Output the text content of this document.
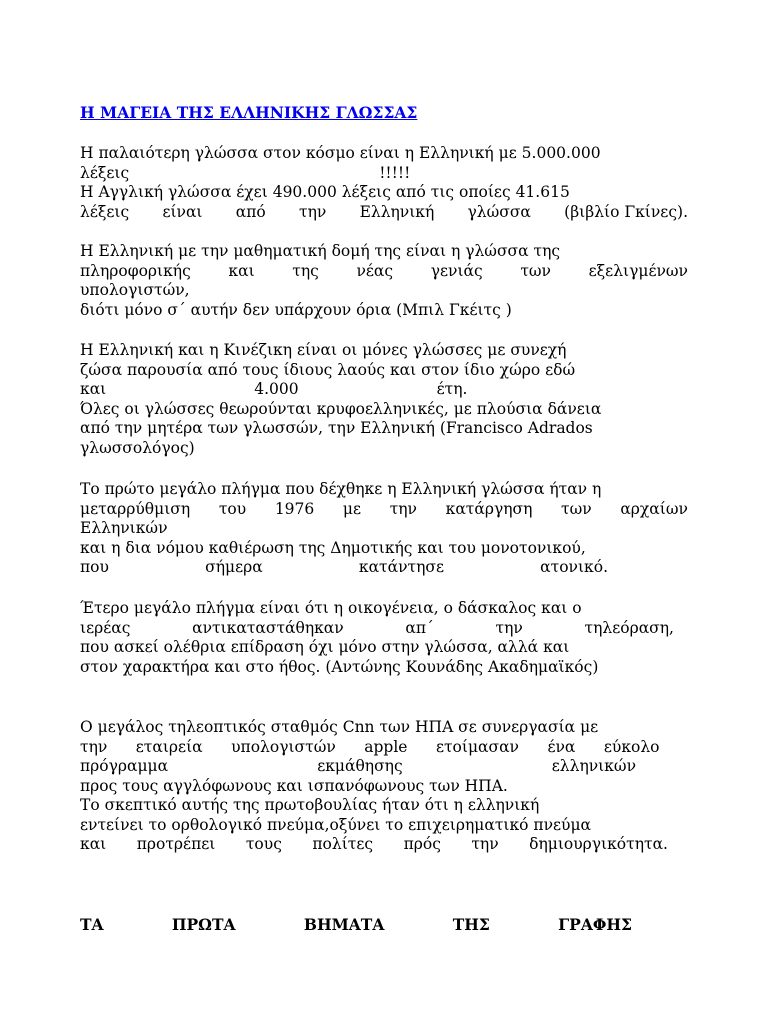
Η ΜΑΓΕΙΑ ΤΗΣ ΕΛΛΗΝΙΚΗΣ ΓΛΩΣΣΑΣ
Η παλαιότερη γλώσσα στον κόσμο είναι η Ελληνική με 5.000.000
λέξεις	!!!!!
Η Αγγλική γλώσσα έχει 490.000 λέξεις από τις οποίες 41.615
λέξεις είναι από την Ελληνική γλώσσα (βιβλίο Γκίνες).
Η Ελληνική με την μαθηματική δομή της είναι η γλώσσα της
πληροφορικής και της νέας γενιάς των εξελιγμένων
υπολογιστών,
διότι μόνο σ΄ αυτήν δεν υπάρχουν όρια (Μπιλ Γκέιτς )
Η Ελληνική και η Κινέζικη είναι οι μόνες γλώσσες με συνεχή
ζώσα παρουσία από τους ίδιους λαούς και στον ίδιο χώρο εδώ
και	4.000	έτη.
Όλες οι γλώσσες θεωρούνται κρυφοελληνικές, με πλούσια δάνεια
από την μητέρα των γλωσσών, την Ελληνική (Francisco Adrados
γλωσσολόγος)
Το πρώτο μεγάλο πλήγμα που δέχθηκε η Ελληνική γλώσσα ήταν η
μεταρρύθμιση του 1976 με την κατάργηση των αρχαίων
Ελληνικών
και η δια νόμου καθιέρωση της Δημοτικής και του μονοτονικού,
που	σήμερα	κατάντησε	ατονικό.
Έτερο μεγάλο πλήγμα είναι ότι η οικογένεια, ο δάσκαλος και ο
ιερέας	αντικαταστάθηκαν	απ΄	την	τηλεόραση,
που ασκεί ολέθρια επίδραση όχι μόνο στην γλώσσα, αλλά και
στον χαρακτήρα και στο ήθος. (Αντώνης Κουνάδης Ακαδημαϊκός)
Ο μεγάλος τηλεοπτικός σταθμός Cnn των ΗΠΑ σε συνεργασία με
την εταιρεία υπολογιστών apple ετοίμασαν ένα εύκολο
πρόγραμμα	εκμάθησης	ελληνικών
προς τους αγγλόφωνους και ισπανόφωνους των ΗΠΑ.
Το σκεπτικό αυτής της πρωτοβουλίας ήταν ότι η ελληνική
εντείνει το ορθολογικό πνεύμα,οξύνει το επιχειρηματικό πνεύμα
και προτρέπει τους πολίτες πρός την δημιουργικότητα.
ΤΑ	ΠΡΩΤΑ	ΒΗΜΑΤΑ	ΤΗΣ	ΓΡΑΦΗΣ
